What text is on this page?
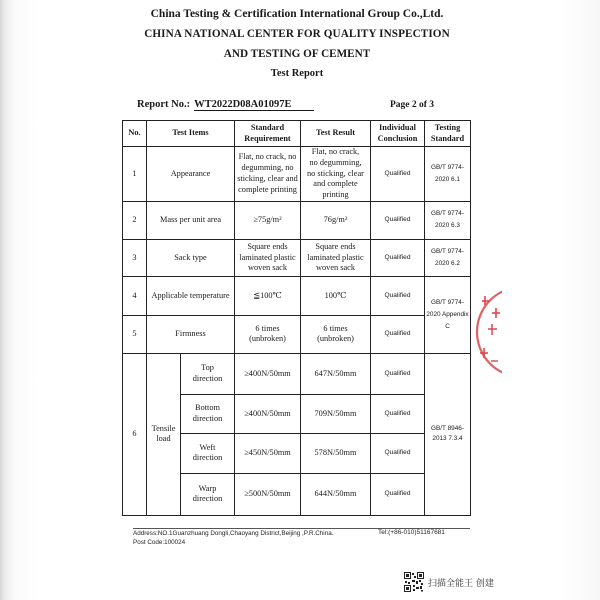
China Testing & Certification International Group Co.,Ltd.
CHINA NATIONAL CENTER FOR QUALITY INSPECTION
AND TESTING OF CEMENT
Test Report
Report No.: WT2022D08A01097E	Page 2 of 3
No.	Test Items		Standard Requirement	Test Result	Individual Conclusion	Testing Standard
1	Appearance		Flat, no crack, no degumming, no sticking, clear and complete printing	Flat, no crack, no degumming, no sticking, clear and complete printing	Qualified	GB/T 9774-2020 6.1
2	Mass per unit area		≥75g/m²	76g/m²	Qualified	GB/T 9774-2020 6.3
3	Sack type		Square ends laminated plastic woven sack	Square ends laminated plastic woven sack	Qualified	GB/T 9774-2020 6.2
4	Applicable temperature		≦100℃	100℃	Qualified	GB/T 9774-2020 Appendix C
5	Firmness		6 times (unbroken)	6 times (unbroken)	Qualified	
6	Tensile load	Top direction	≥400N/50mm	647N/50mm	Qualified	GB/T 8946-2013 7.3.4
		Bottom direction	≥400N/50mm	709N/50mm	Qualified	
		Weft direction	≥450N/50mm	578N/50mm	Qualified	
		Warp direction	≥500N/50mm	644N/50mm	Qualified	
Address:NO.1Guanzhuang Dongli,Chaoyang District,Beijing ,P.R.China.	Tel:(+86-010)51167681
Post Code:100024
扫描全能王 创建
